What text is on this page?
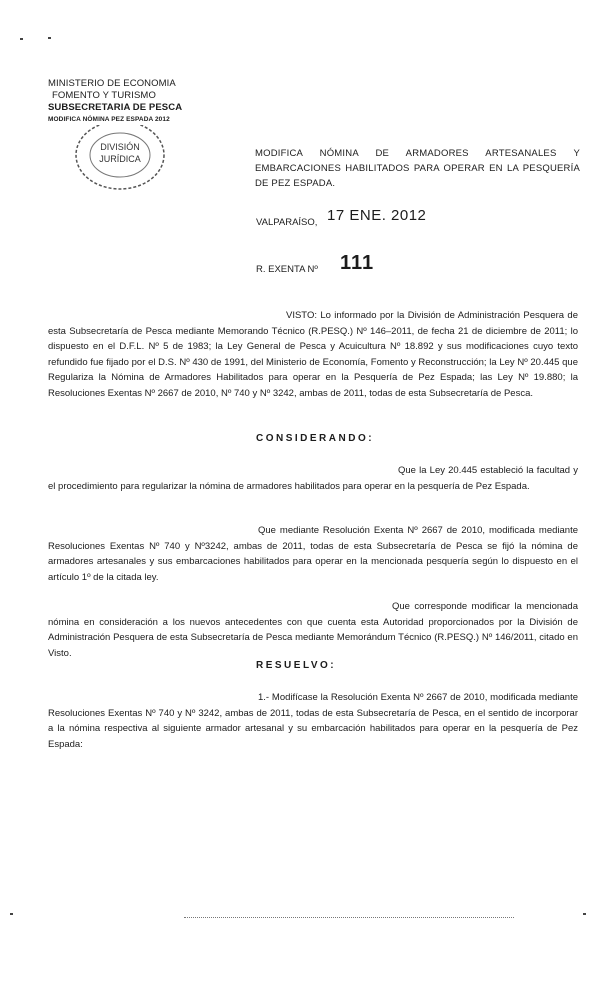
MINISTERIO DE ECONOMIA
FOMENTO Y TURISMO
SUBSECRETARIA DE PESCA
MODIFICA NÓMINA PEZ ESPADA 2012
DIVISIÓN
JURÍDICA	MODIFICA NÓMINA DE ARMADORES ARTESANALES Y EMBARCACIONES HABILITADOS PARA OPERAR EN LA PESQUERÍA DE PEZ ESPADA.
VALPARAÍSO, 17 ENE. 2012
R. EXENTA Nº 111
VISTO: Lo informado por la División de Administración Pesquera de esta Subsecretaría de Pesca mediante Memorando Técnico (R.PESQ.) Nº 146–2011, de fecha 21 de diciembre de 2011; lo dispuesto en el D.F.L. Nº 5 de 1983; la Ley General de Pesca y Acuicultura Nº 18.892 y sus modificaciones cuyo texto refundido fue fijado por el D.S. Nº 430 de 1991, del Ministerio de Economía, Fomento y Reconstrucción; la Ley Nº 20.445 que Regulariza la Nómina de Armadores Habilitados para operar en la Pesquería de Pez Espada; las Ley Nº 19.880; la Resoluciones Exentas Nº 2667 de 2010, Nº 740 y Nº 3242, ambas de 2011, todas de esta Subsecretaría de Pesca.
CONSIDERANDO:
Que la Ley 20.445 estableció la facultad y el procedimiento para regularizar la nómina de armadores habilitados para operar en la pesquería de Pez Espada.
Que mediante Resolución Exenta Nº 2667 de 2010, modificada mediante Resoluciones Exentas Nº 740 y Nº3242, ambas de 2011, todas de esta Subsecretaría de Pesca se fijó la nómina de armadores artesanales y sus embarcaciones habilitados para operar en la mencionada pesquería según lo dispuesto en el artículo 1º de la citada ley.
Que corresponde modificar la mencionada nómina en consideración a los nuevos antecedentes con que cuenta esta Autoridad proporcionados por la División de Administración Pesquera de esta Subsecretaría de Pesca mediante Memorándum Técnico (R.PESQ.) Nº 146/2011, citado en Visto.
RESUELVO:
1.- Modifícase la Resolución Exenta Nº 2667 de 2010, modificada mediante Resoluciones Exentas Nº 740 y Nº 3242, ambas de 2011, todas de esta Subsecretaría de Pesca, en el sentido de incorporar a la nómina respectiva al siguiente armador artesanal y su embarcación habilitados para operar en la pesquería de Pez Espada:
